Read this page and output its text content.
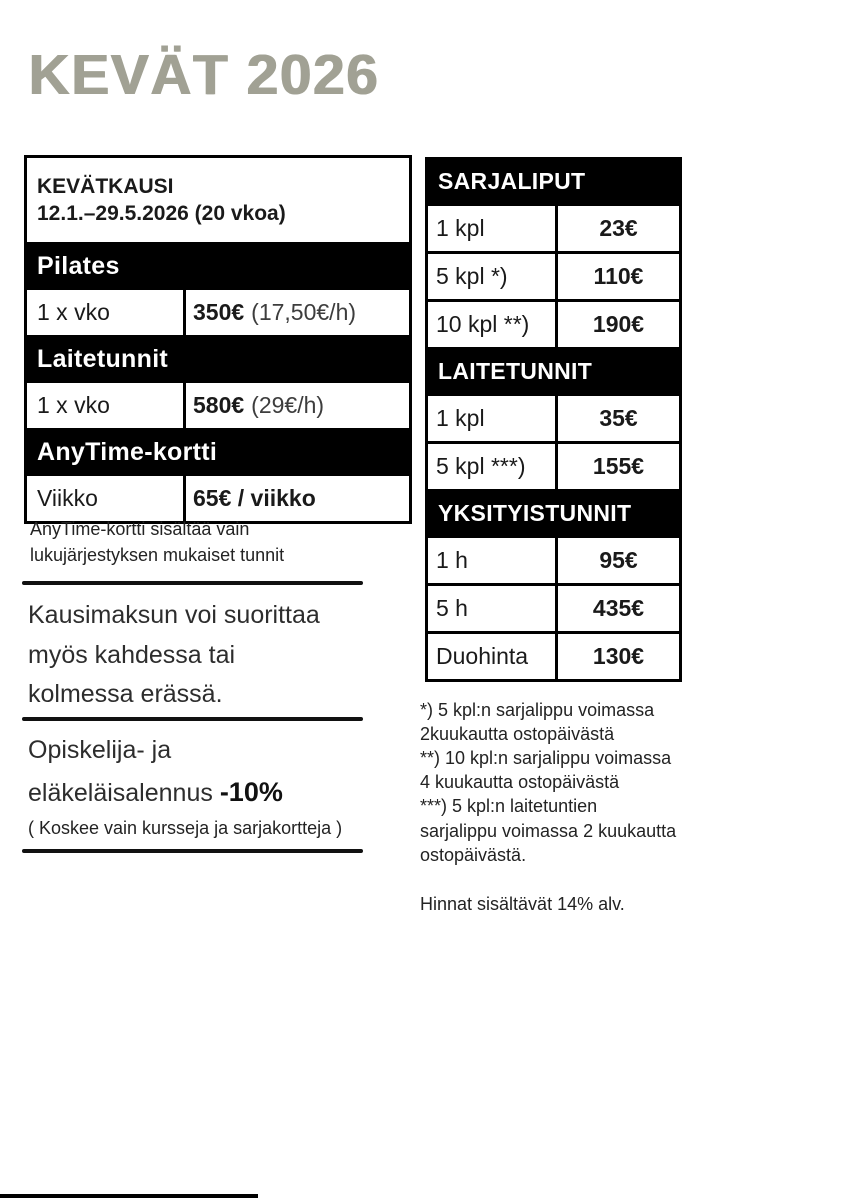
KEVÄT 2026
KEVÄTKAUSI
12.1.–29.5.2026 (20 vkoa)
Pilates
1 x vko	350€ (17,50€/h)
Laitetunnit
1 x vko	580€ (29€/h)
AnyTime-kortti
Viikko	65€ / viikko
SARJALIPUT
1 kpl	23€
5 kpl *)	110€
10 kpl **)	190€
LAITETUNNIT
1 kpl	35€
5 kpl ***)	155€
YKSITYISTUNNIT
1 h	95€
5 h	435€
Duohinta	130€
AnyTime-kortti sisältää vain
lukujärjestyksen mukaiset tunnit
Kausimaksun voi suorittaa
myös kahdessa tai
kolmessa erässä.
Opiskelija- ja
eläkeläisalennus -10%
( Koskee vain kursseja ja sarjakortteja )
*) 5 kpl:n sarjalippu voimassa
2kuukautta ostopäivästä
**) 10 kpl:n sarjalippu voimassa
4 kuukautta ostopäivästä
***) 5 kpl:n laitetuntien
sarjalippu voimassa 2 kuukautta
ostopäivästä.
Hinnat sisältävät 14% alv.
